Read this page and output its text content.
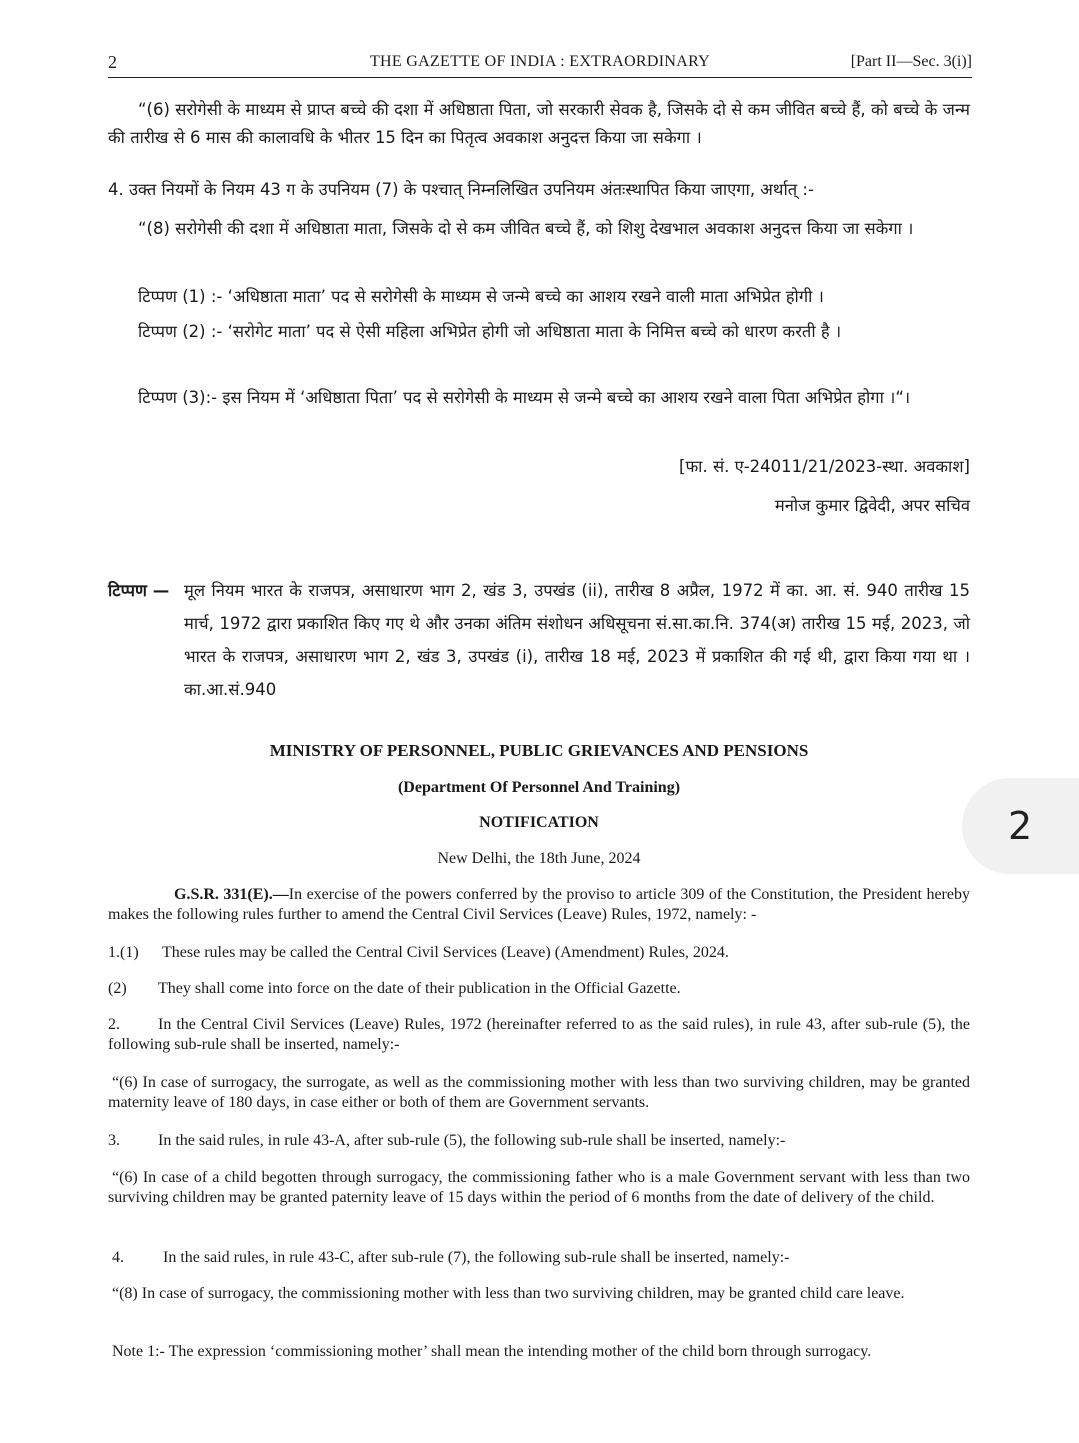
2	THE GAZETTE OF INDIA : EXTRAORDINARY	[Part II—Sec. 3(i)]
“(6) सरोगेसी के माध्यम से प्राप्त बच्चे की दशा में अधिष्ठाता पिता, जो सरकारी सेवक है, जिसके दो से कम जीवित बच्चे हैं, को बच्चे के जन्म की तारीख से 6 मास की कालावधि के भीतर 15 दिन का पितृत्व अवकाश अनुदत्त किया जा सकेगा ।
4. उक्त नियमों के नियम 43 ग के उपनियम (7) के पश्चात् निम्नलिखित उपनियम अंतःस्थापित किया जाएगा, अर्थात् :-
“(8) सरोगेसी की दशा में अधिष्ठाता माता, जिसके दो से कम जीवित बच्चे हैं, को शिशु देखभाल अवकाश अनुदत्त किया जा सकेगा ।
टिप्पण (1) :- ‘अधिष्ठाता माता’ पद से सरोगेसी के माध्यम से जन्मे बच्चे का आशय रखने वाली माता अभिप्रेत होगी ।
टिप्पण (2) :- ‘सरोगेट माता’ पद से ऐसी महिला अभिप्रेत होगी जो अधिष्ठाता माता के निमित्त बच्चे को धारण करती है ।
टिप्पण (3):- इस नियम में ‘अधिष्ठाता पिता’ पद से सरोगेसी के माध्यम से जन्मे बच्चे का आशय रखने वाला पिता अभिप्रेत होगा ।“।
[फा. सं. ए-24011/21/2023-स्था. अवकाश]
मनोज कुमार द्विवेदी, अपर सचिव
टिप्पण — मूल नियम भारत के राजपत्र, असाधारण भाग 2, खंड 3, उपखंड (ii), तारीख 8 अप्रैल, 1972 में का. आ. सं. 940 तारीख 15 मार्च, 1972 द्वारा प्रकाशित किए गए थे और उनका अंतिम संशोधन अधिसूचना सं.सा.का.नि. 374(अ) तारीख 15 मई, 2023, जो भारत के राजपत्र, असाधारण भाग 2, खंड 3, उपखंड (i), तारीख 18 मई, 2023 में प्रकाशित की गई थी, द्वारा किया गया था । का.आ.सं.940
MINISTRY OF PERSONNEL, PUBLIC GRIEVANCES AND PENSIONS
(Department Of Personnel And Training)
NOTIFICATION
New Delhi, the 18th June, 2024
G.S.R. 331(E).—In exercise of the powers conferred by the proviso to article 309 of the Constitution, the President hereby makes the following rules further to amend the Central Civil Services (Leave) Rules, 1972, namely: -
1.(1) These rules may be called the Central Civil Services (Leave) (Amendment) Rules, 2024.
(2) They shall come into force on the date of their publication in the Official Gazette.
2. In the Central Civil Services (Leave) Rules, 1972 (hereinafter referred to as the said rules), in rule 43, after sub-rule (5), the following sub-rule shall be inserted, namely:-
“(6) In case of surrogacy, the surrogate, as well as the commissioning mother with less than two surviving children, may be granted maternity leave of 180 days, in case either or both of them are Government servants.
3. In the said rules, in rule 43-A, after sub-rule (5), the following sub-rule shall be inserted, namely:-
“(6) In case of a child begotten through surrogacy, the commissioning father who is a male Government servant with less than two surviving children may be granted paternity leave of 15 days within the period of 6 months from the date of delivery of the child.
4. In the said rules, in rule 43-C, after sub-rule (7), the following sub-rule shall be inserted, namely:-
“(8) In case of surrogacy, the commissioning mother with less than two surviving children, may be granted child care leave.
Note 1:- The expression ‘commissioning mother’ shall mean the intending mother of the child born through surrogacy.
2
